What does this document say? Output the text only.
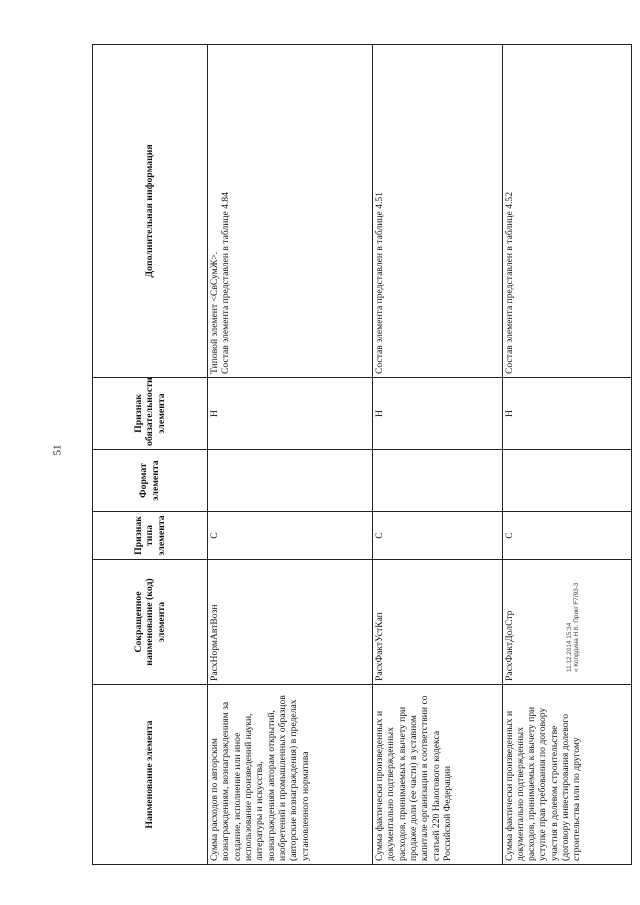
51
Наименование элемента	Сокращенное наименование (код) элемента	Признак типа элемента	Формат элемента	Признак обязательности элемента	Дополнительная информация
Сумма расходов по авторским вознаграждениям, вознаграждениям за создание, исполнение или иное использование произведений науки, литературы и искусства, вознаграждениям авторам открытий, изобретений и промышленных образцов (авторские вознаграждения) в пределах установленного норматива	РасхНормАвтВозн	С		Н	Типовой элемент <СвСумЖ>. Состав элемента представлен в таблице 4.84

Сумма фактически произведенных и документально подтвержденных расходов, принимаемых к вычету при продаже доли (ее части) в уставном капитале организации в соответствии со статьей 220 Налогового кодекса Российской Федерации	РасхФактУстКап	С		Н	Состав элемента представлен в таблице 4.51

Сумма фактически произведенных и документально подтвержденных расходов, принимаемых к вычету при уступке прав требования по договору участия в долевом строительстве (договору инвестирования долевого строительства или по другому	РасхФактДолСтр	С		Н	Состав элемента представлен в таблице 4.52
11.12.2014 15:34 « Копрдина Н.К. Прик/ F7/93-3
